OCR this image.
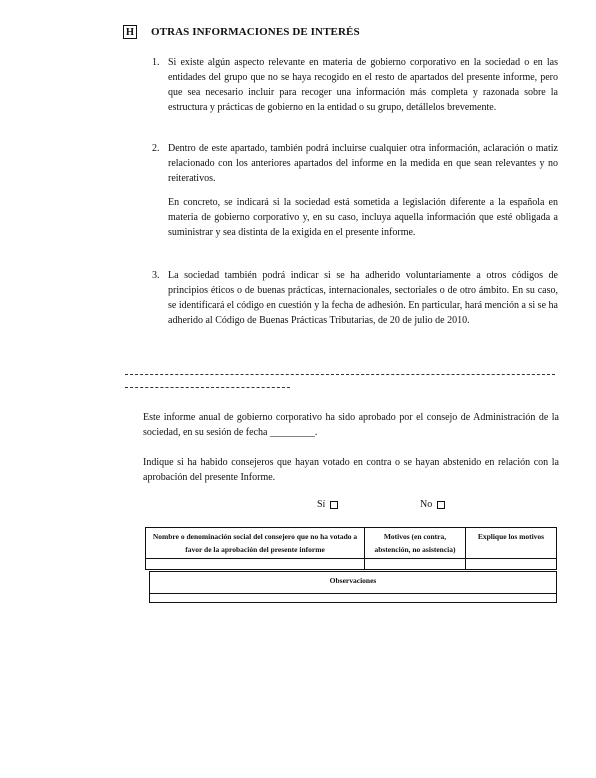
H OTRAS INFORMACIONES DE INTERÉS
1. Si existe algún aspecto relevante en materia de gobierno corporativo en la sociedad o en las entidades del grupo que no se haya recogido en el resto de apartados del presente informe, pero que sea necesario incluir para recoger una información más completa y razonada sobre la estructura y prácticas de gobierno en la entidad o su grupo, detállelos brevemente.
2. Dentro de este apartado, también podrá incluirse cualquier otra información, aclaración o matiz relacionado con los anteriores apartados del informe en la medida en que sean relevantes y no reiterativos.
En concreto, se indicará si la sociedad está sometida a legislación diferente a la española en materia de gobierno corporativo y, en su caso, incluya aquella información que esté obligada a suministrar y sea distinta de la exigida en el presente informe.
3. La sociedad también podrá indicar si se ha adherido voluntariamente a otros códigos de principios éticos o de buenas prácticas, internacionales, sectoriales o de otro ámbito. En su caso, se identificará el código en cuestión y la fecha de adhesión. En particular, hará mención a si se ha adherido al Código de Buenas Prácticas Tributarias, de 20 de julio de 2010.
Este informe anual de gobierno corporativo ha sido aprobado por el consejo de Administración de la sociedad, en su sesión de fecha _________.
Indique si ha habido consejeros que hayan votado en contra o se hayan abstenido en relación con la aprobación del presente Informe.
Sí	No
Nombre o denominación social del consejero que no ha votado a favor de la aprobación del presente informe	Motivos (en contra, abstención, no asistencia)	Explique los motivos

Observaciones
